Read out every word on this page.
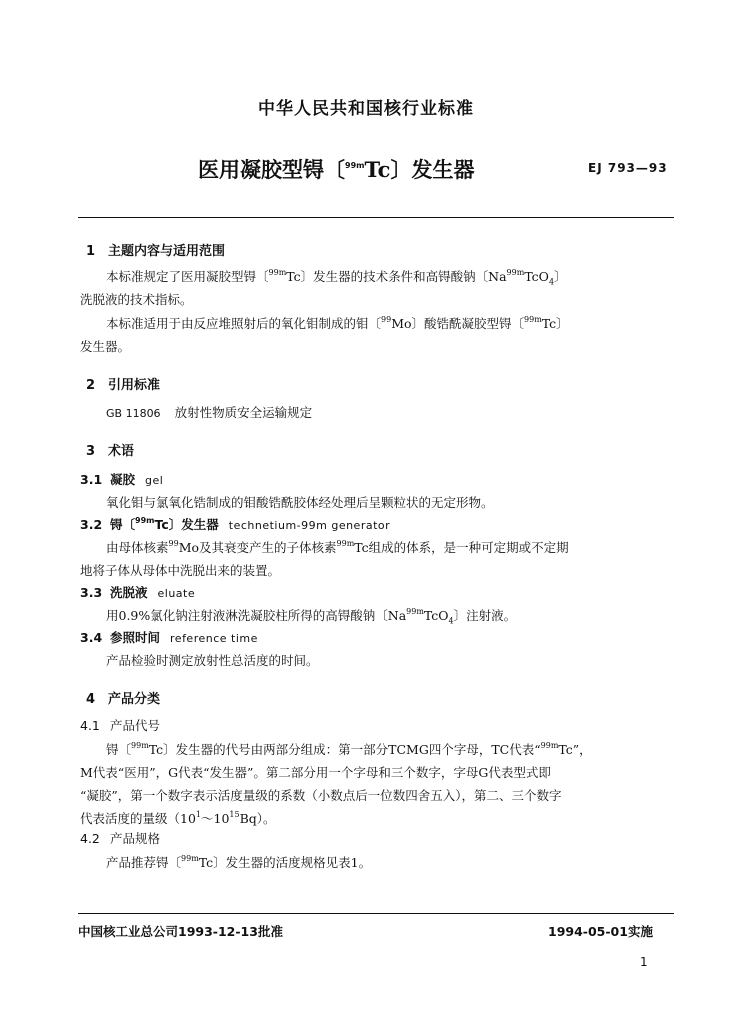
中华人民共和国核行业标准
医用凝胶型锝〔$^{99m}$Tc〕发生器	EJ 793—93
1 主题内容与适用范围
本标准规定了医用凝胶型锝〔$^{99m}$Tc〕发生器的技术条件和高锝酸钠〔$Na^{99m}TcO_4$〕
洗脱液的技术指标。
本标准适用于由反应堆照射后的氧化钼制成的钼〔$^{99}$Mo〕酸锆酰凝胶型锝〔$^{99m}$Tc〕
发生器。
2 引用标准
GB 11806 放射性物质安全运输规定
3 术语
3.1 凝胶 gel
氧化钼与氯氧化锆制成的钼酸锆酰胶体经处理后呈颗粒状的无定形物。
3.2 锝〔$^{99m}$Tc〕发生器 technetium-99m generator
由母体核素$^{99}$Mo及其衰变产生的子体核素$^{99m}$Tc组成的体系，是一种可定期或不定期
地将子体从母体中洗脱出来的装置。
3.3 洗脱液 eluate
用0.9%氯化钠注射液淋洗凝胶柱所得的高锝酸钠〔$Na^{99m}TcO_4$〕注射液。
3.4 参照时间 reference time
产品检验时测定放射性总活度的时间。
4 产品分类
4.1 产品代号
锝〔$^{99m}$Tc〕发生器的代号由两部分组成：第一部分TCMG四个字母，TC代表“$^{99m}$Tc”，
M代表“医用”，G代表“发生器”。第二部分用一个字母和三个数字，字母G代表型式即
“凝胶”，第一个数字表示活度量级的系数（小数点后一位数四舍五入），第二、三个数字
代表活度的量级$(10^1\sim 10^{15}Bq)$。
4.2 产品规格
产品推荐锝〔$^{99m}$Tc〕发生器的活度规格见表1。
中国核工业总公司1993-12-13批准	1994-05-01实施
1
